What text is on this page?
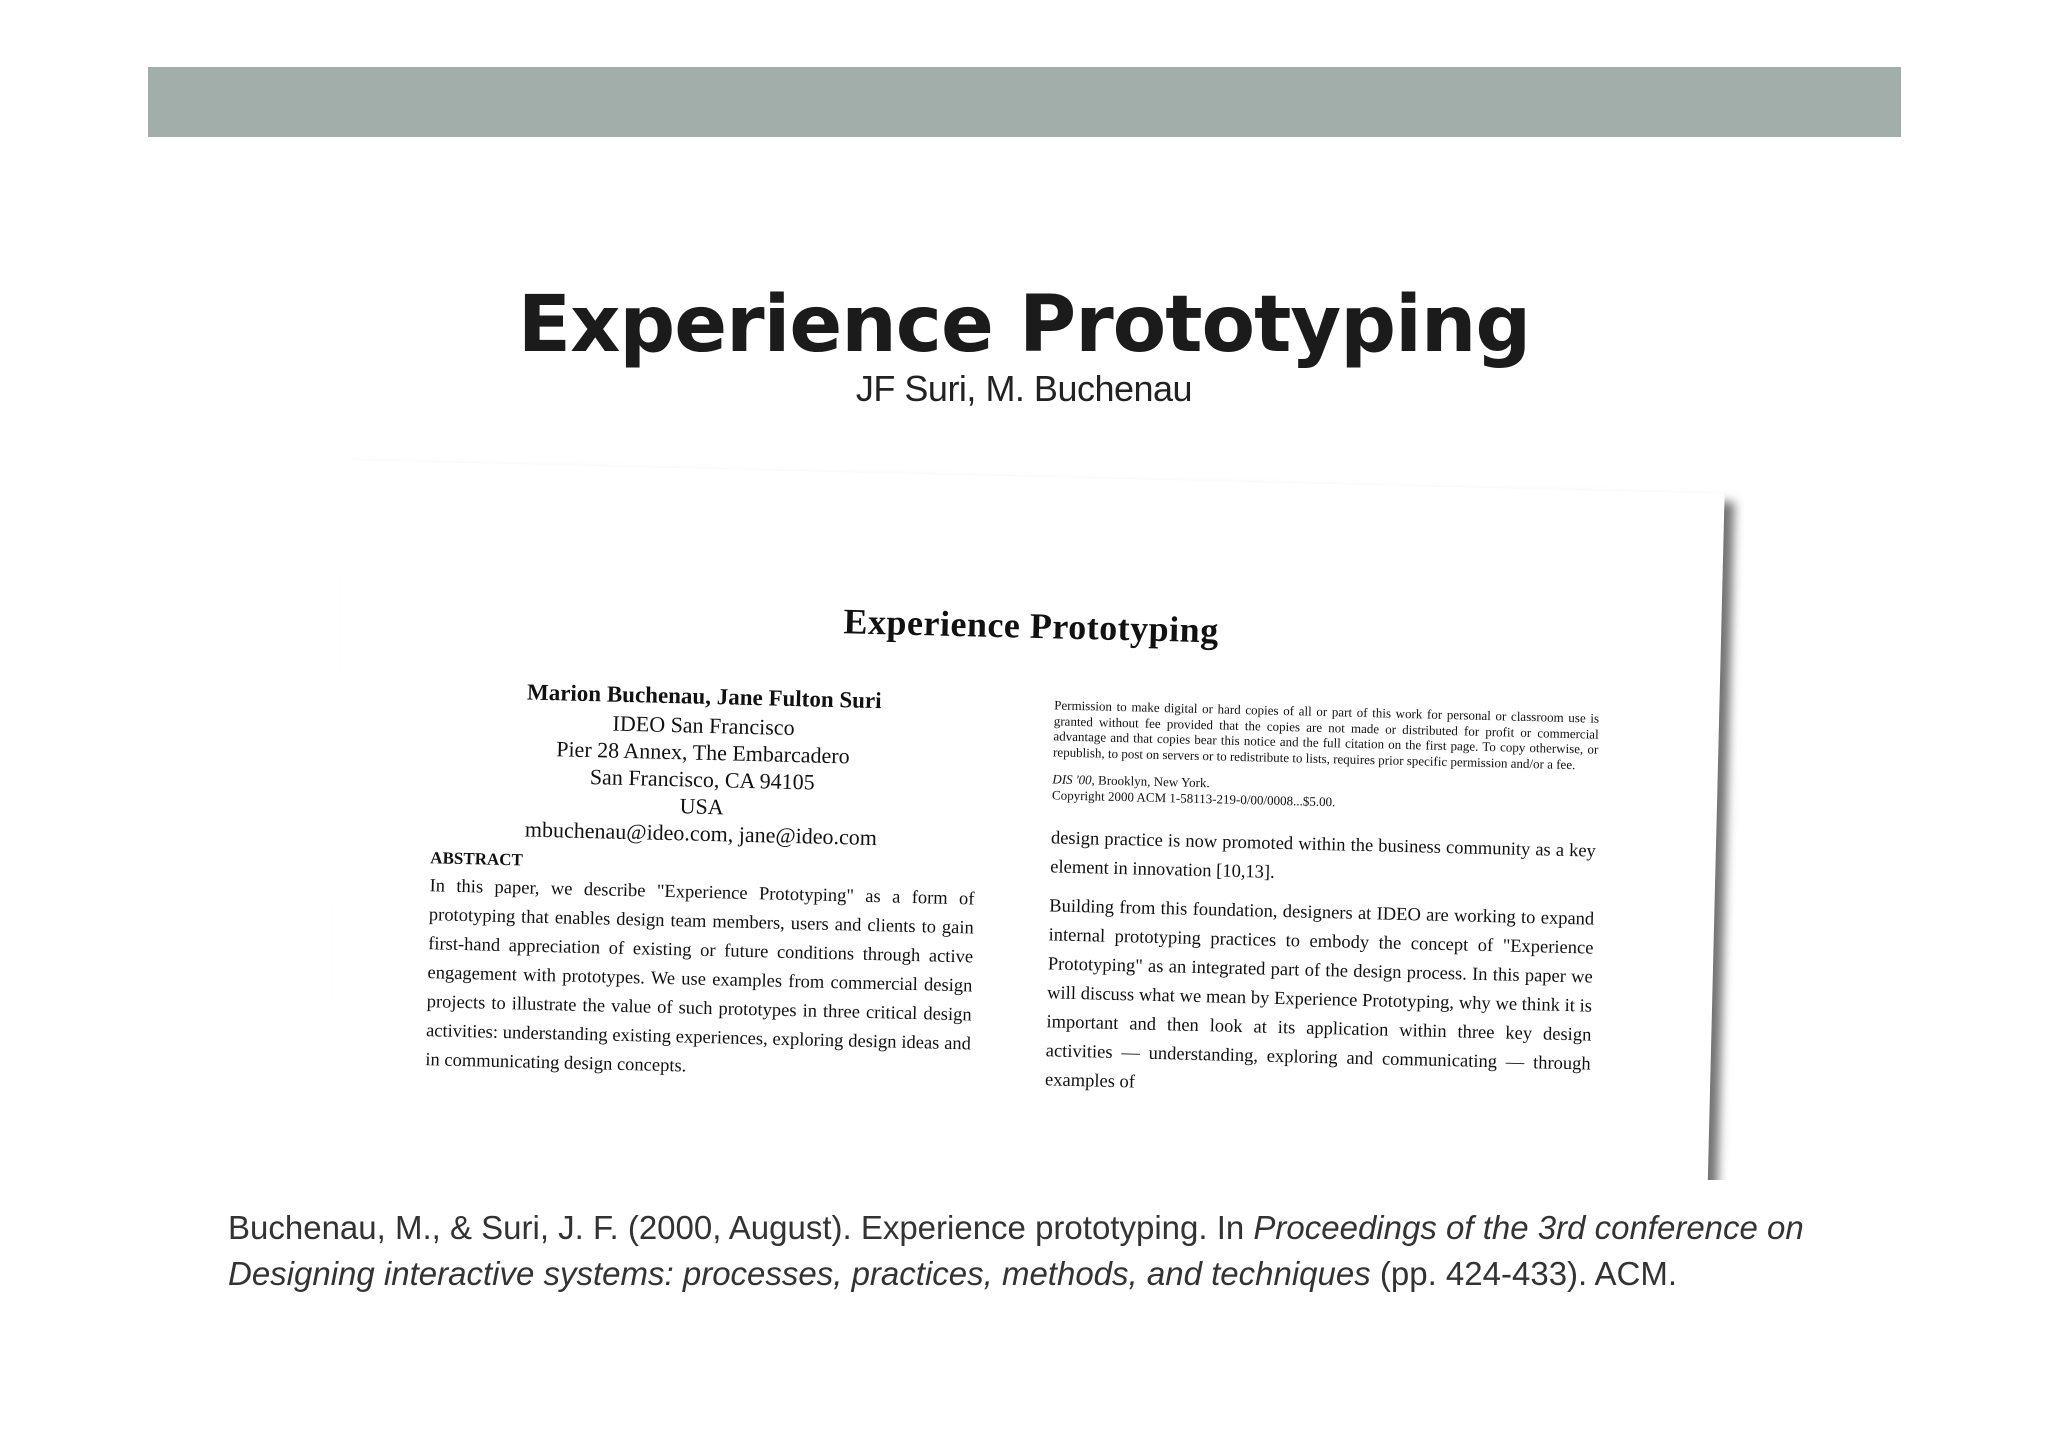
Experience Prototyping
JF Suri, M. Buchenau
Experience Prototyping
Marion Buchenau, Jane Fulton Suri
IDEO San Francisco
Pier 28 Annex, The Embarcadero
San Francisco, CA 94105
USA
mbuchenau@ideo.com, jane@ideo.com
ABSTRACT
In this paper, we describe "Experience Prototyping" as a form of prototyping that enables design team members, users and clients to gain first-hand appreciation of existing or future conditions through active engagement with prototypes. We use examples from commercial design projects to illustrate the value of such prototypes in three critical design activities: understanding existing experiences, exploring design ideas and in communicating design concepts.
Permission to make digital or hard copies of all or part of this work for personal or classroom use is granted without fee provided that the copies are not made or distributed for profit or commercial advantage and that copies bear this notice and the full citation on the first page. To copy otherwise, or republish, to post on servers or to redistribute to lists, requires prior specific permission and/or a fee.
DIS '00, Brooklyn, New York.
Copyright 2000 ACM 1-58113-219-0/00/0008...$5.00.
design practice is now promoted within the business community as a key element in innovation [10,13].
Building from this foundation, designers at IDEO are working to expand internal prototyping practices to embody the concept of "Experience Prototyping" as an integrated part of the design process. In this paper we will discuss what we mean by Experience Prototyping, why we think it is important and then look at its application within three key design activities — understanding, exploring and communicating — through examples of
Buchenau, M., & Suri, J. F. (2000, August). Experience prototyping. In Proceedings of the 3rd conference on Designing interactive systems: processes, practices, methods, and techniques (pp. 424-433). ACM.
